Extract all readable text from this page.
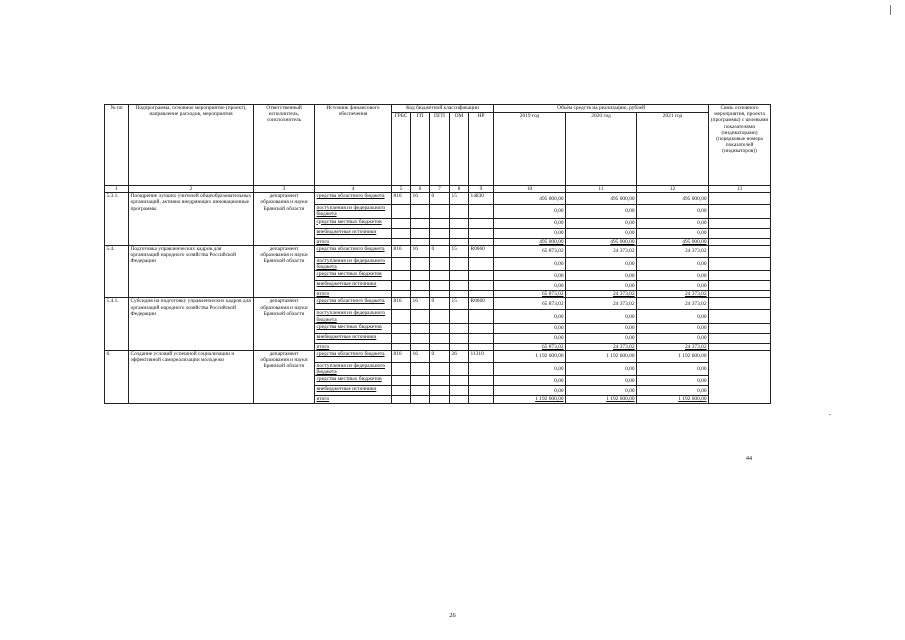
№ пп	Подпрограмма, основное мероприятие (проект), направление расходов, мероприятия	Ответственный исполнитель, соисполнитель	Источник финансового обеспечения	Код бюджетной классификации					Объём средств на реализацию, рублей			Связь основного мероприятия, проекта (программы) с целевыми показателями (индикаторами) (порядковые номера показателей (индикаторов))
				ГРБС	ГП	ПГП	ОМ	НР	2019 год	2020 год	2021 год	
1	2	3	4	5	6	7	8	9	10	11	12	13
5.3.1.	Поощрение лучших учителей общеобразовательных организаций, активно внедряющих инновационные программы	департамент образования и науки Брянской области	средства областного бюджета	816	16	0	15	14830	495 000,00	495 000,00	495 000,00	
			поступления из федерального бюджета						0,00	0,00	0,00	
			средства местных бюджетов						0,00	0,00	0,00	
			внебюджетные источники						0,00	0,00	0,00	
			итого						495 000,00	495 000,00	495 000,00	
5.4.	Подготовка управленческих кадров для организаций народного хозяйства Российской Федерации	департамент образования и науки Брянской области	средства областного бюджета	816	16	0	15	R0660	65 873,02	24 373,02	24 373,02	
			поступления из федерального бюджета						0,00	0,00	0,00	
			средства местных бюджетов						0,00	0,00	0,00	
			внебюджетные источники						0,00	0,00	0,00	
			итого						65 873,02	24 373,02	24 373,02	
5.4.1.	Субсидия на подготовку управленческих кадров для организаций народного хозяйства Российской Федерации	департамент образования и науки Брянской области	средства областного бюджета	816	16	0	15	R0660	65 873,02	24 373,02	24 373,02	
			поступления из федерального бюджета						0,00	0,00	0,00	
			средства местных бюджетов						0,00	0,00	0,00	
			внебюджетные источники						0,00	0,00	0,00	
			итого						65 873,02	24 373,02	24 373,02	
6.	Создание условий успешной социализации и эффективной самореализации молодежи	департамент образования и науки Брянской области	средства областного бюджета	816	16	0	26	11310	1 192 600,00	1 192 600,00	1 192 600,00	
			поступления из федерального бюджета						0,00	0,00	0,00	
			средства местных бюджетов						0,00	0,00	0,00	
			внебюджетные источники						0,00	0,00	0,00	
			итого						1 192 600,00	1 192 600,00	1 192 600,00	
44
26
